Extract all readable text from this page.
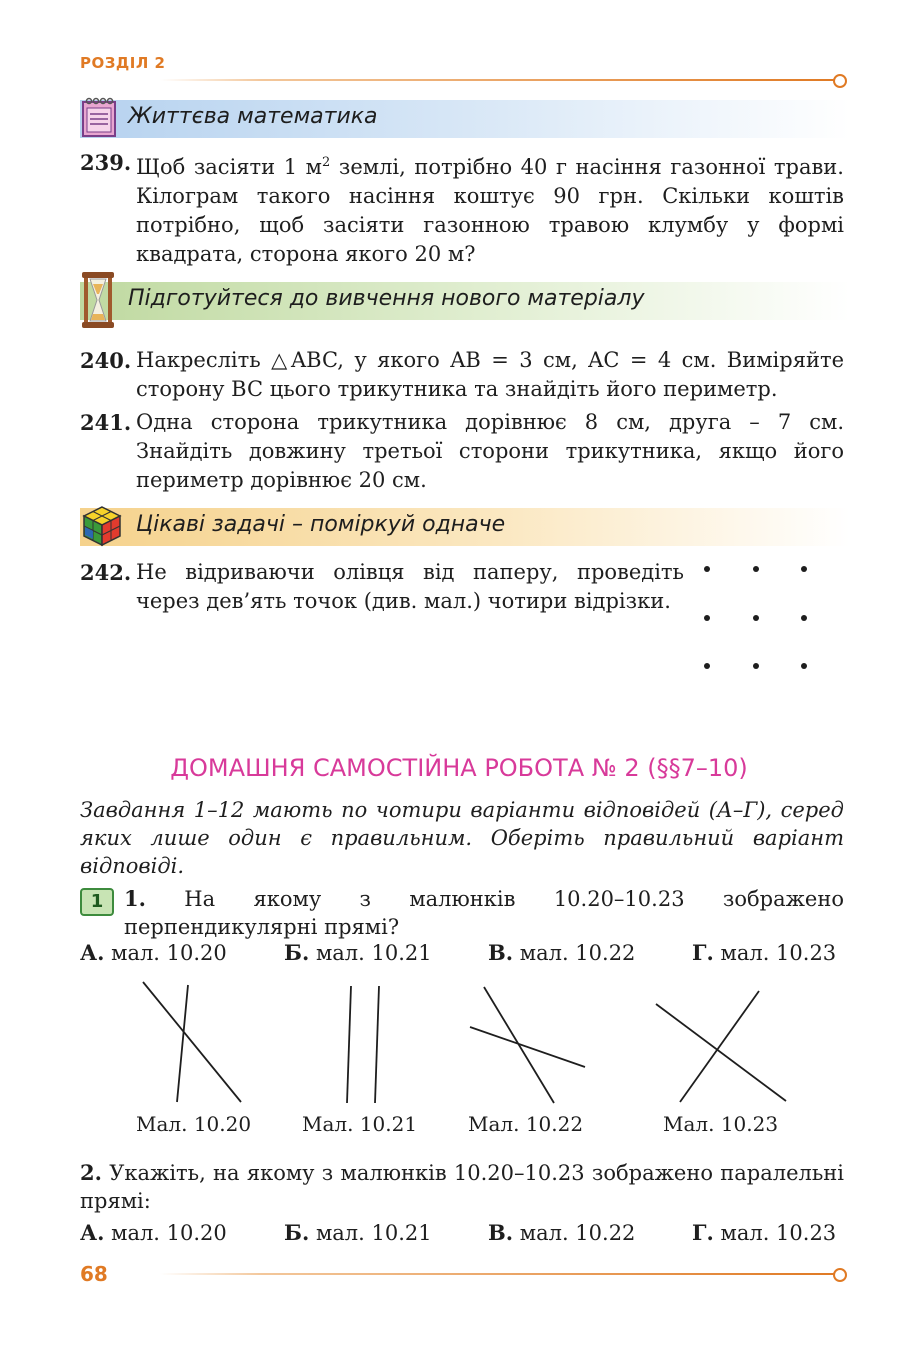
РОЗДІЛ 2
Життєва математика
239. Щоб засіяти 1 $м^2$ землі, потрібно 40 г насіння газонної трави. Кілограм такого насіння коштує 90 грн. Скільки коштів потрібно, щоб засіяти газонною травою клумбу у формі квадрата, сторона якого 20 м?
Підготуйтеся до вивчення нового матеріалу
240. Накресліть △ABC, у якого AB = 3 см, AC = 4 см. Виміряйте сторону BC цього трикутника та знайдіть його периметр.
241. Одна сторона трикутника дорівнює 8 см, друга – 7 см. Знайдіть довжину третьої сторони трикутника, якщо його периметр дорівнює 20 см.
Цікаві задачі – поміркуй одначе
242. Не відриваючи олівця від паперу, проведіть через дев’ять точок (див. мал.) чотири відрізки.
ДОМАШНЯ САМОСТІЙНА РОБОТА № 2 (§§7–10)
Завдання 1–12 мають по чотири варіанти відповідей (А–Г), серед яких лише один є правильним. Оберіть правильний варіант відповіді.
1 1. На якому з малюнків 10.20–10.23 зображено перпендикулярні прямі?
А. мал. 10.20	Б. мал. 10.21	В. мал. 10.22	Г. мал. 10.23
Мал. 10.20	Мал. 10.21	Мал. 10.22	Мал. 10.23
2. Укажіть, на якому з малюнків 10.20–10.23 зображено паралельні прямі:
А. мал. 10.20	Б. мал. 10.21	В. мал. 10.22	Г. мал. 10.23
68
